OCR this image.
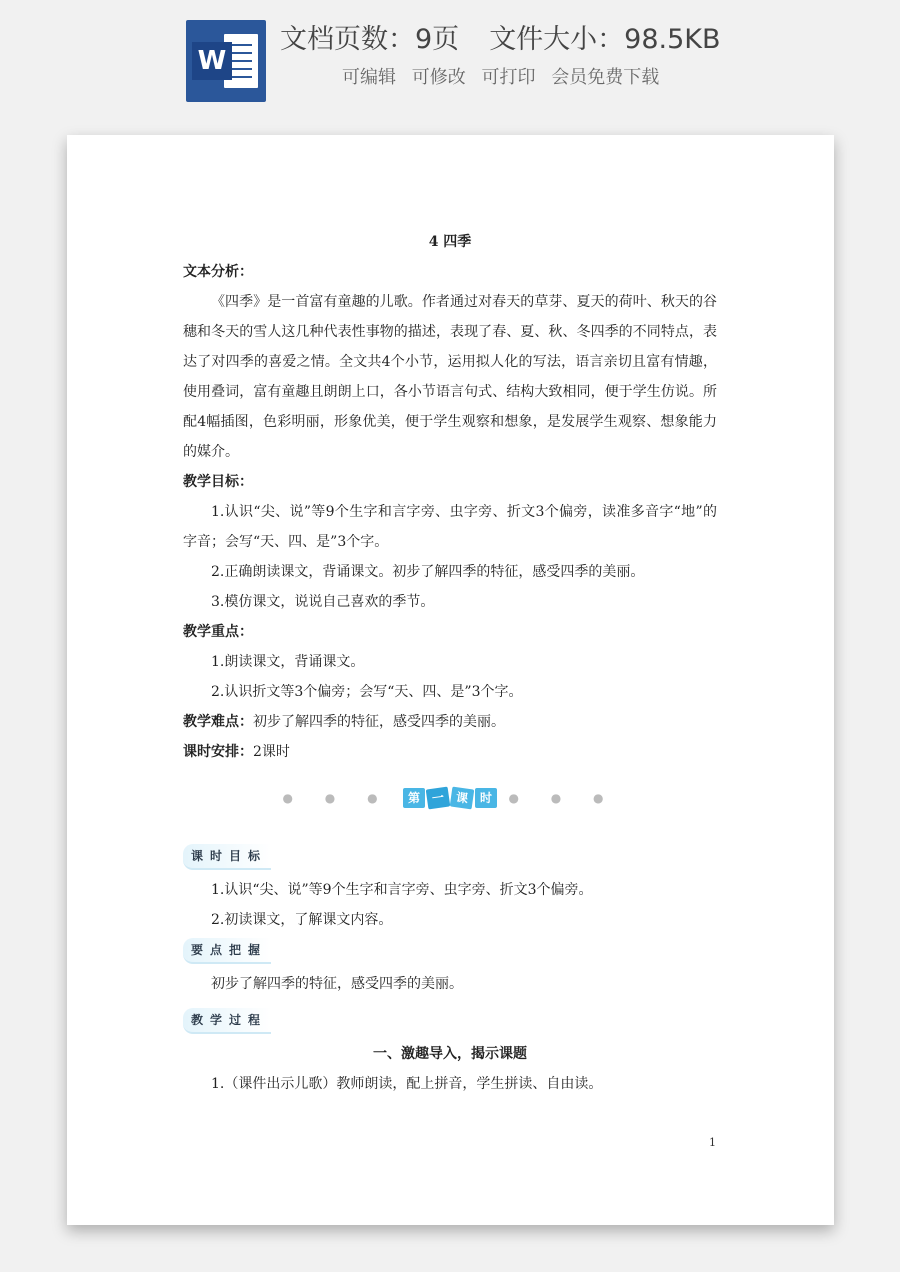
W
文档页数：9页 文件大小：98.5KB
可编辑 可修改 可打印 会员免费下载

4 四季

文本分析：

《四季》是一首富有童趣的儿歌。作者通过对春天的草芽、夏天的荷叶、秋天的谷穗和冬天的雪人这几种代表性事物的描述，表现了春、夏、秋、冬四季的不同特点，表达了对四季的喜爱之情。全文共4个小节，运用拟人化的写法，语言亲切且富有情趣，使用叠词，富有童趣且朗朗上口，各小节语言句式、结构大致相同，便于学生仿说。所配4幅插图，色彩明丽，形象优美，便于学生观察和想象，是发展学生观察、想象能力的媒介。

教学目标：

1.认识“尖、说”等9个生字和言字旁、虫字旁、折文3个偏旁，读准多音字“地”的字音；会写“天、四、是”3个字。

2.正确朗读课文，背诵课文。初步了解四季的特征，感受四季的美丽。

3.模仿课文，说说自己喜欢的季节。

教学重点：

1.朗读课文，背诵课文。

2.认识折文等3个偏旁；会写“天、四、是”3个字。

教学难点：初步了解四季的特征，感受四季的美丽。

课时安排：2课时

● ● ● 第 一 课 时 ● ● ●

课时目标

1.认识“尖、说”等9个生字和言字旁、虫字旁、折文3个偏旁。

2.初读课文，了解课文内容。

要点把握

初步了解四季的特征，感受四季的美丽。

教学过程

一、激趣导入，揭示课题

1.（课件出示儿歌）教师朗读，配上拼音，学生拼读、自由读。

1
